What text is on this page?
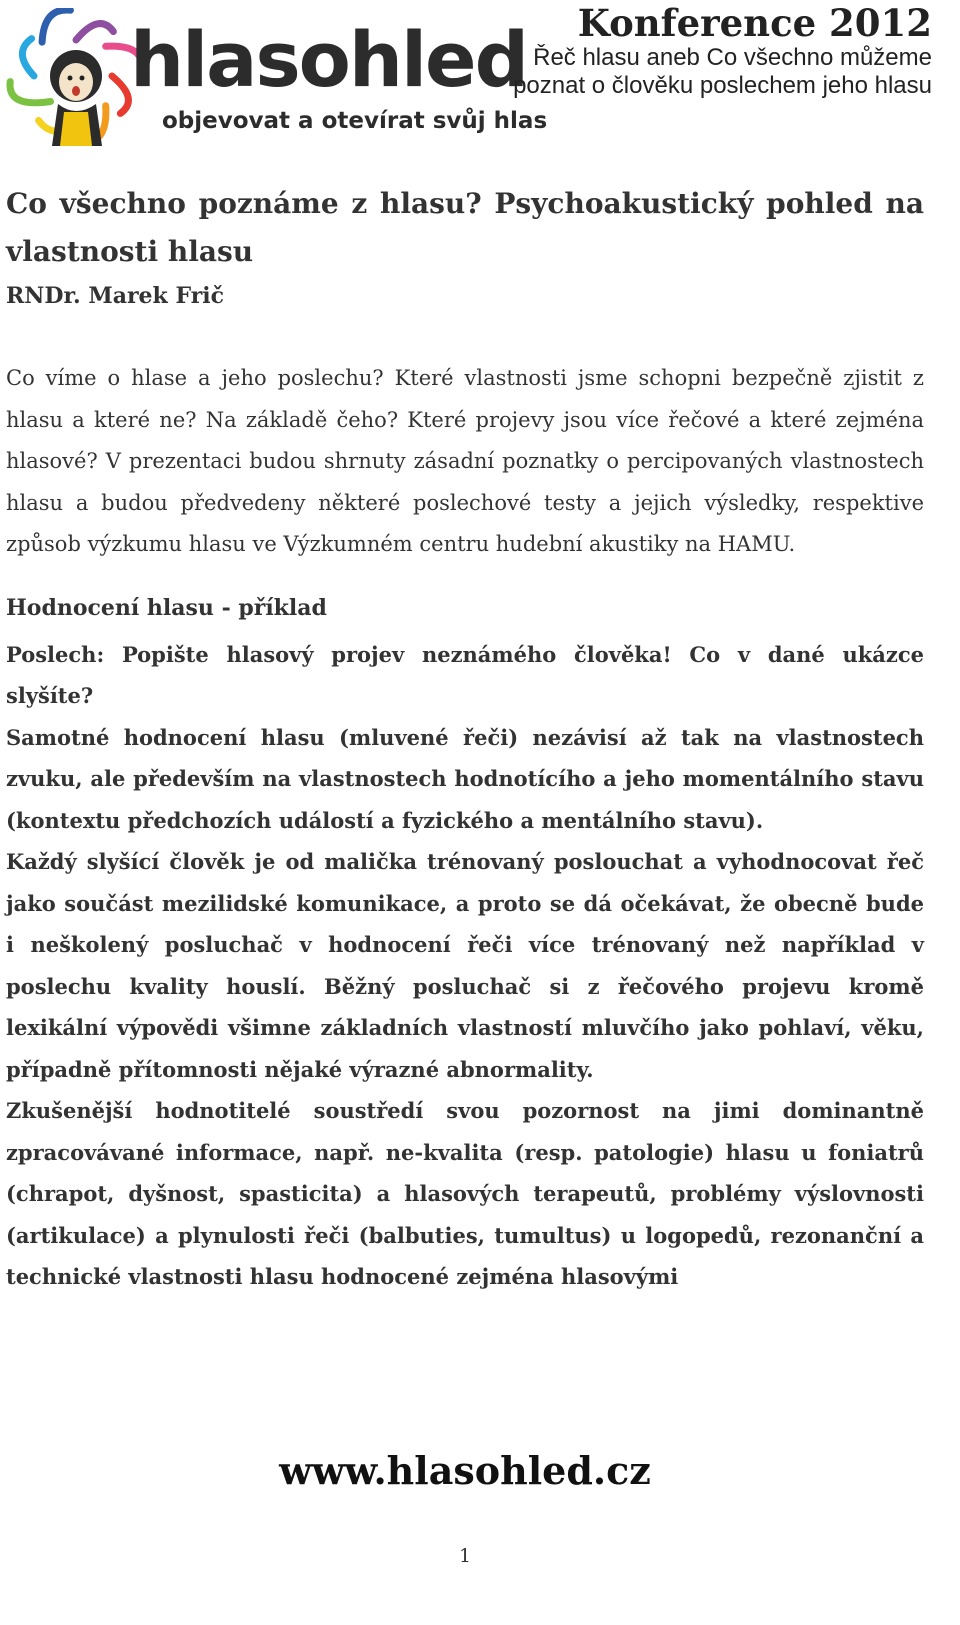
hlasohled
objevovat a otevírat svůj hlas
Konference 2012
Řeč hlasu aneb Co všechno můžeme poznat o člověku poslechem jeho hlasu

Co všechno poznáme z hlasu? Psychoakustický pohled na vlastnosti hlasu

RNDr. Marek Frič

Co víme o hlase a jeho poslechu? Které vlastnosti jsme schopni bezpečně zjistit z hlasu a které ne? Na základě čeho? Které projevy jsou více řečové a které zejména hlasové? V prezentaci budou shrnuty zásadní poznatky o percipovaných vlastnostech hlasu a budou předvedeny některé poslechové testy a jejich výsledky, respektive způsob výzkumu hlasu ve Výzkumném centru hudební akustiky na HAMU.

Hodnocení hlasu - příklad

Poslech: Popište hlasový projev neznámého člověka! Co v dané ukázce slyšíte?

Samotné hodnocení hlasu (mluvené řeči) nezávisí až tak na vlastnostech zvuku, ale především na vlastnostech hodnotícího a jeho momentálního stavu (kontextu předchozích událostí a fyzického a mentálního stavu).

Každý slyšící člověk je od malička trénovaný poslouchat a vyhodnocovat řeč jako součást mezilidské komunikace, a proto se dá očekávat, že obecně bude i neškolený posluchač v hodnocení řeči více trénovaný než například v poslechu kvality houslí. Běžný posluchač si z řečového projevu kromě lexikální výpovědi všimne základních vlastností mluvčího jako pohlaví, věku, případně přítomnosti nějaké výrazné abnormality.

Zkušenější hodnotitelé soustředí svou pozornost na jimi dominantně zpracovávané informace, např. ne-kvalita (resp. patologie) hlasu u foniatrů (chrapot, dyšnost, spasticita) a hlasových terapeutů, problémy výslovnosti (artikulace) a plynulosti řeči (balbuties, tumultus) u logopedů, rezonanční a technické vlastnosti hlasu hodnocené zejména hlasovými

www.hlasohled.cz
1
